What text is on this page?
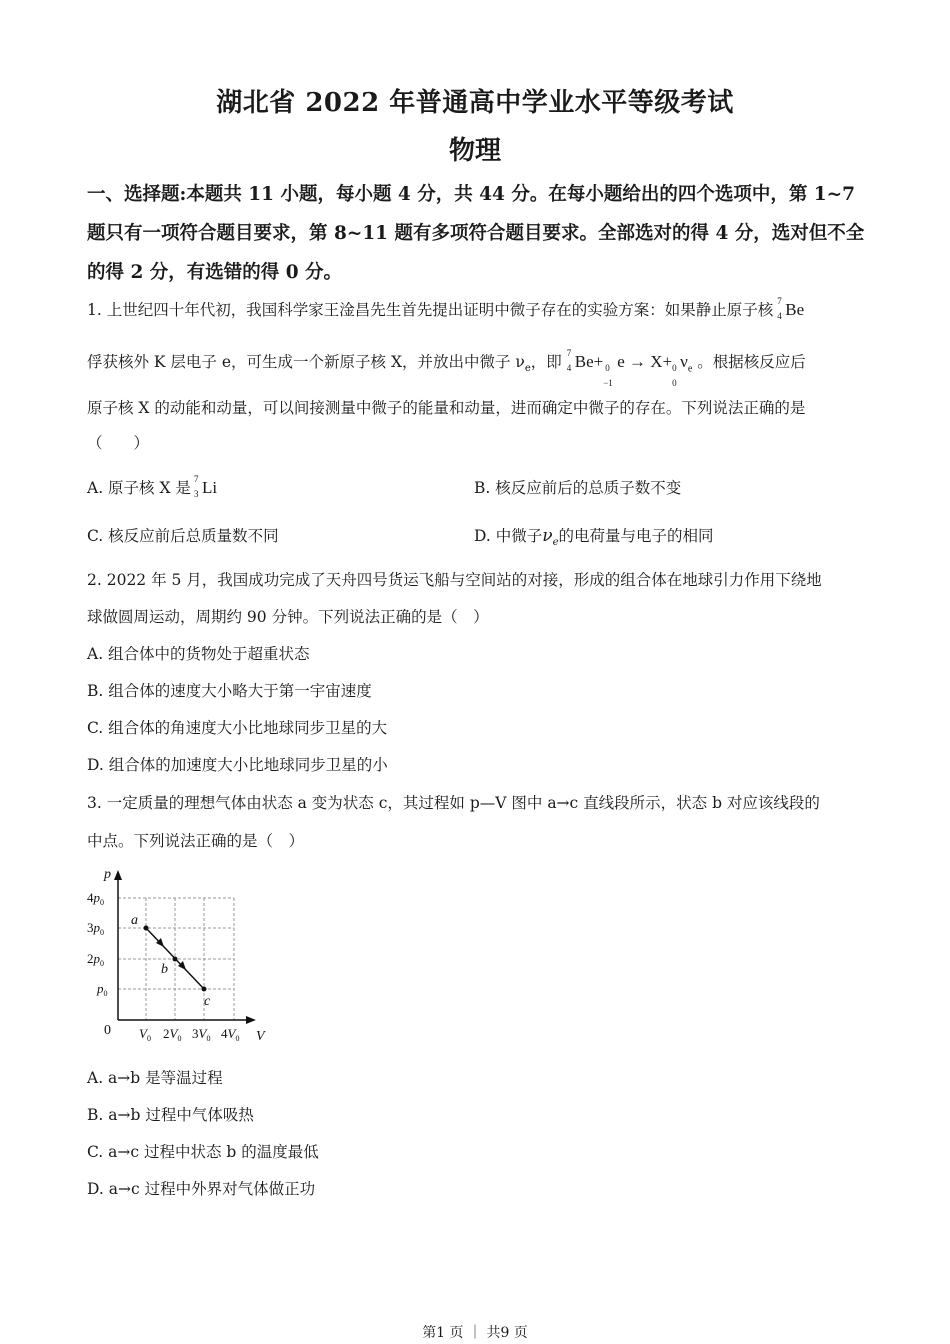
湖北省 2022 年普通高中学业水平等级考试
物理
一、选择题:本题共 11 小题，每小题 4 分，共 44 分。在每小题给出的四个选项中，第 1~7 题只有一项符合题目要求，第 8~11 题有多项符合题目要求。全部选对的得 4 分，选对但不全的得 2 分，有选错的得 0 分。
1. 上世纪四十年代初，我国科学家王淦昌先生首先提出证明中微子存在的实验方案：如果静止原子核 7
4 Be
俘获核外 K 层电子 e，可生成一个新原子核 X，并放出中微子 $\nu_e$，即 7
4 Be+ 0
−1
e → X+ 0
0
$\nu_e$ 。根据核反应后
原子核 X 的动能和动量，可以间接测量中微子的能量和动量，进而确定中微子的存在。下列说法正确的是
（　　）
A. 原子核 X 是 7
3 Li	B. 核反应前后的总质子数不变
C. 核反应前后总质量数不同	D. 中微子$\nu_e$的电荷量与电子的相同
2. 2022 年 5 月，我国成功完成了天舟四号货运飞船与空间站的对接，形成的组合体在地球引力作用下绕地
球做圆周运动，周期约 90 分钟。下列说法正确的是（　）
A. 组合体中的货物处于超重状态
B. 组合体的速度大小略大于第一宇宙速度
C. 组合体的角速度大小比地球同步卫星的大
D. 组合体的加速度大小比地球同步卫星的小
3. 一定质量的理想气体由状态 a 变为状态 c，其过程如 p—V 图中 a→c 直线段所示，状态 b 对应该线段的
中点。下列说法正确的是（　）
p
V
0
a
b
c
$4p_0$
$3p_0$
$2p_0$
$p_0$
$V_0$ $2V_0$ $3V_0$ $4V_0$
A. a→b 是等温过程
B. a→b 过程中气体吸热
C. a→c 过程中状态 b 的温度最低
D. a→c 过程中外界对气体做正功
第1 页 ｜ 共9 页
